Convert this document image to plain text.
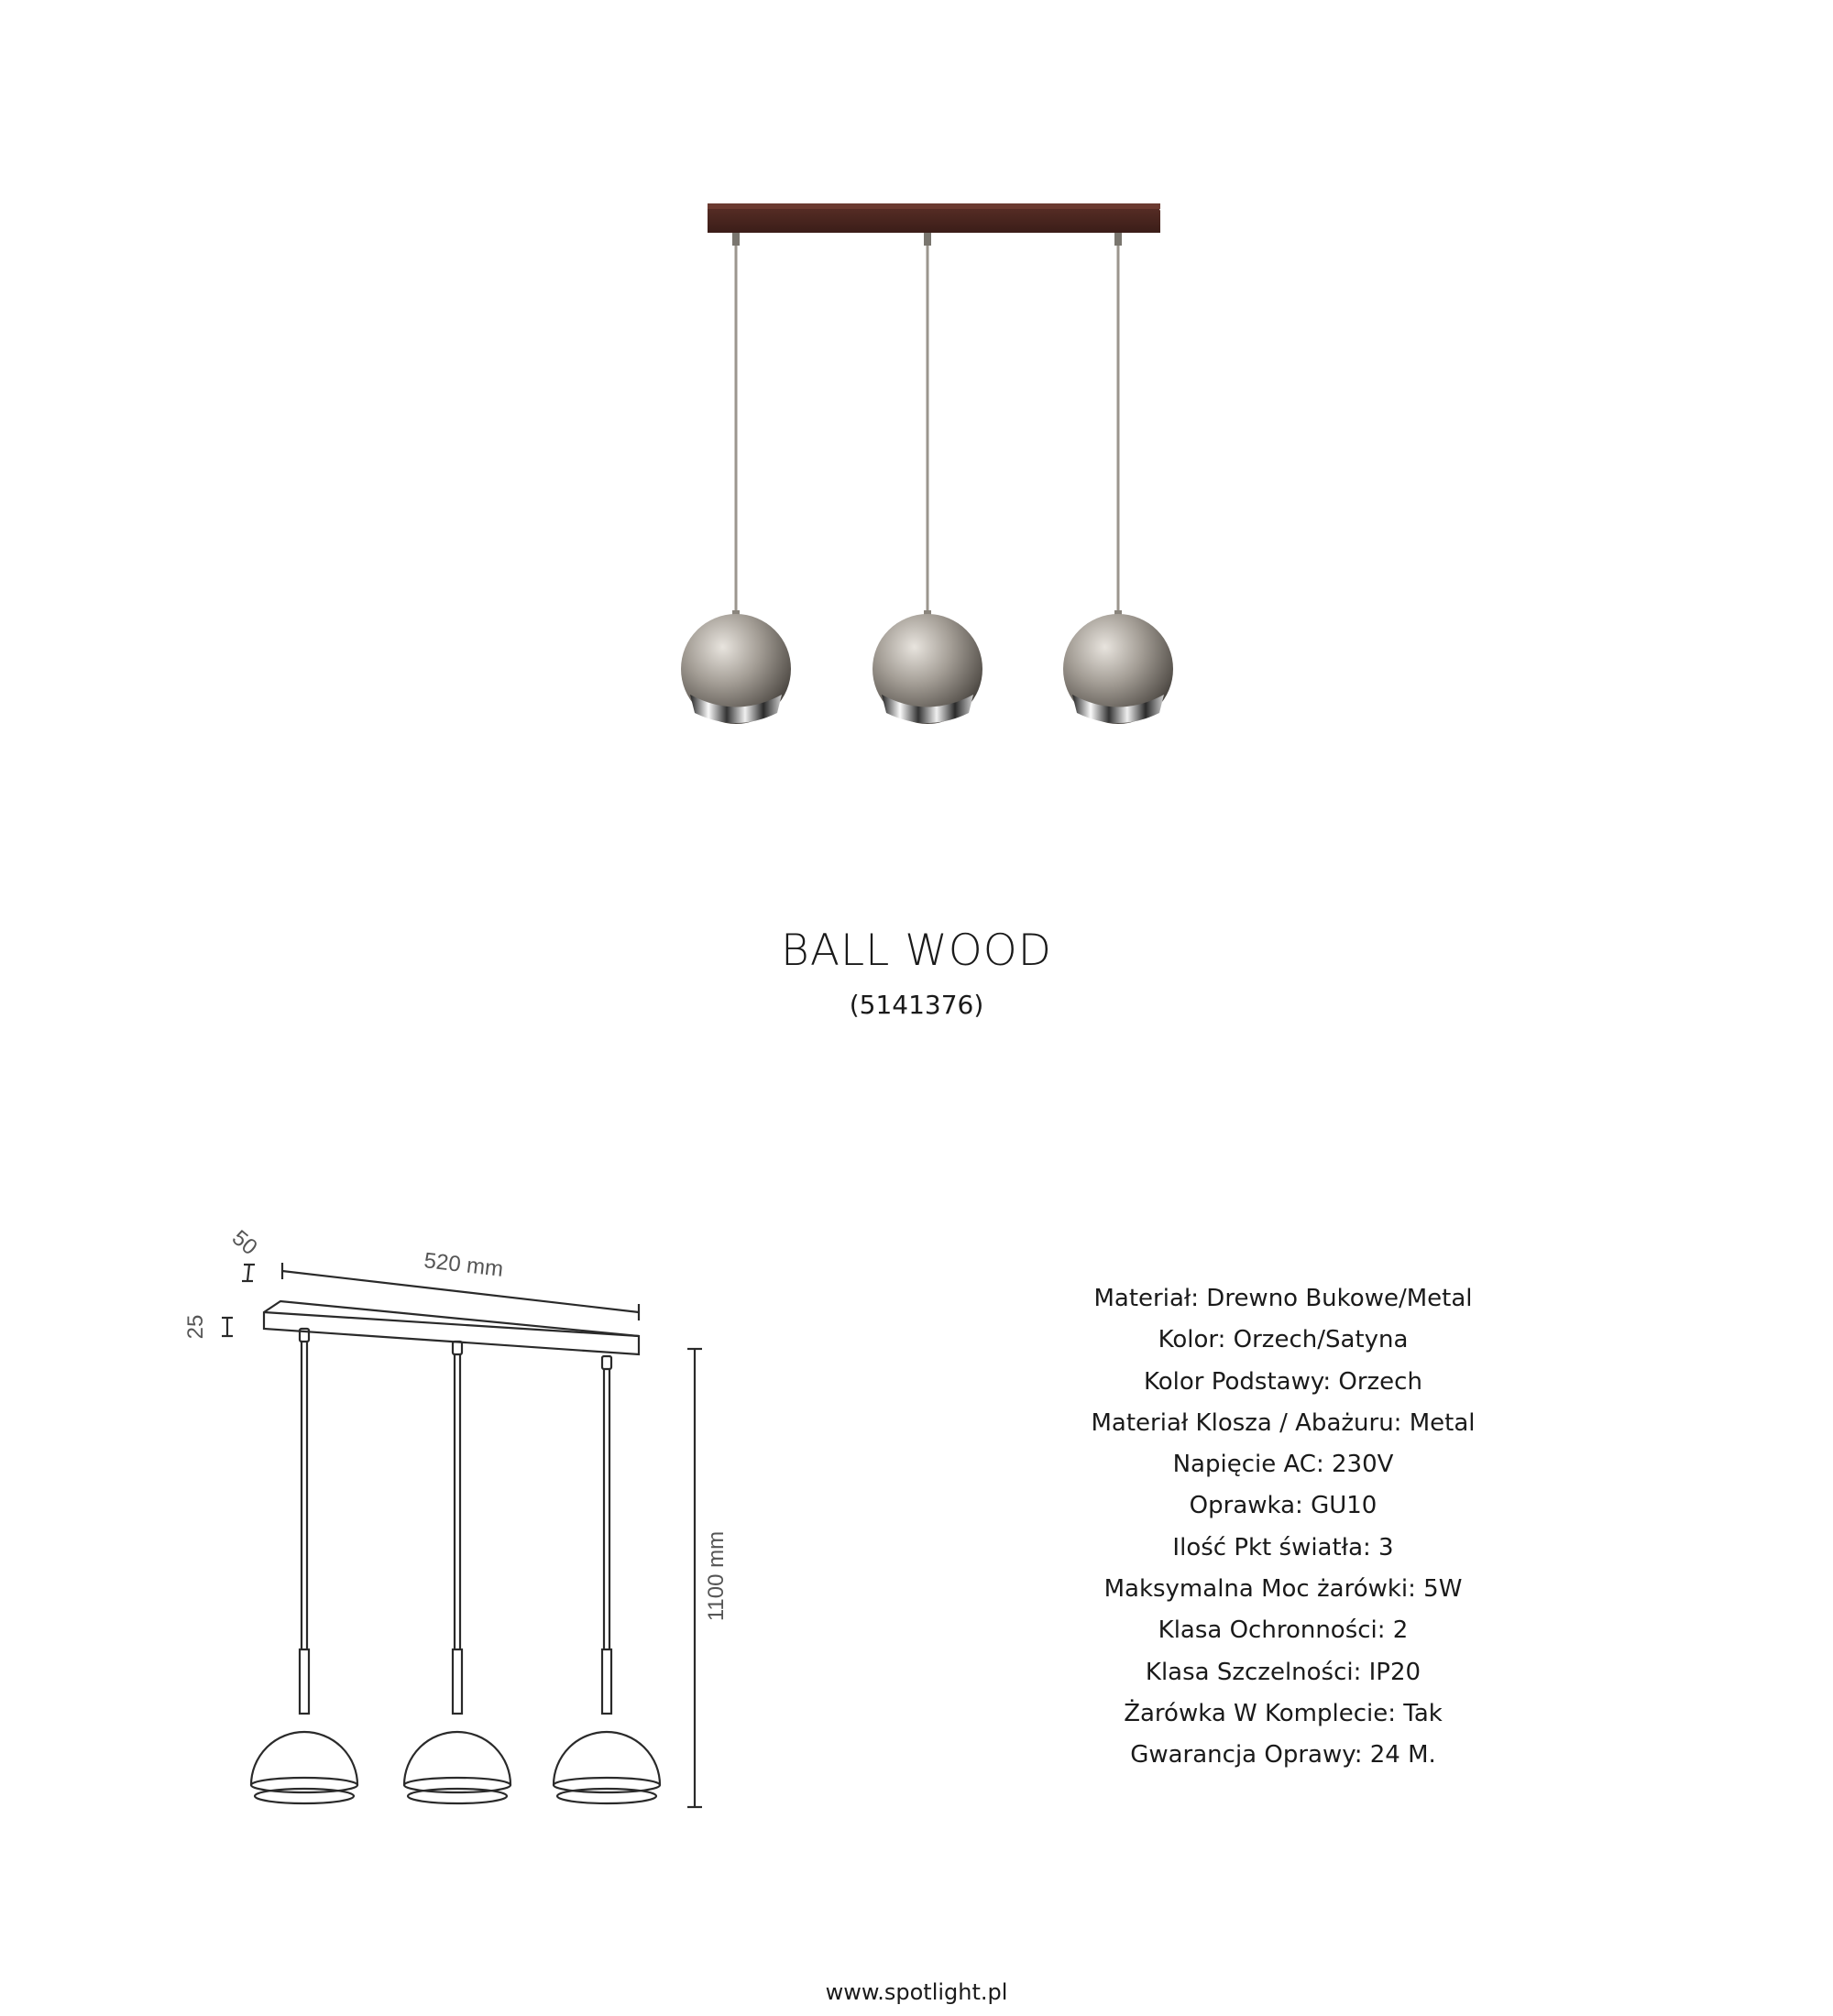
BALL WOOD
(5141376)
520 mm
50
25
1100 mm
Materiał: Drewno Bukowe/Metal
Kolor: Orzech/Satyna
Kolor Podstawy: Orzech
Materiał Klosza / Abażuru: Metal
Napięcie AC: 230V
Oprawka: GU10
Ilość Pkt światła: 3
Maksymalna Moc żarówki: 5W
Klasa Ochronności: 2
Klasa Szczelności: IP20
Żarówka W Komplecie: Tak
Gwarancja Oprawy: 24 M.
www.spotlight.pl
